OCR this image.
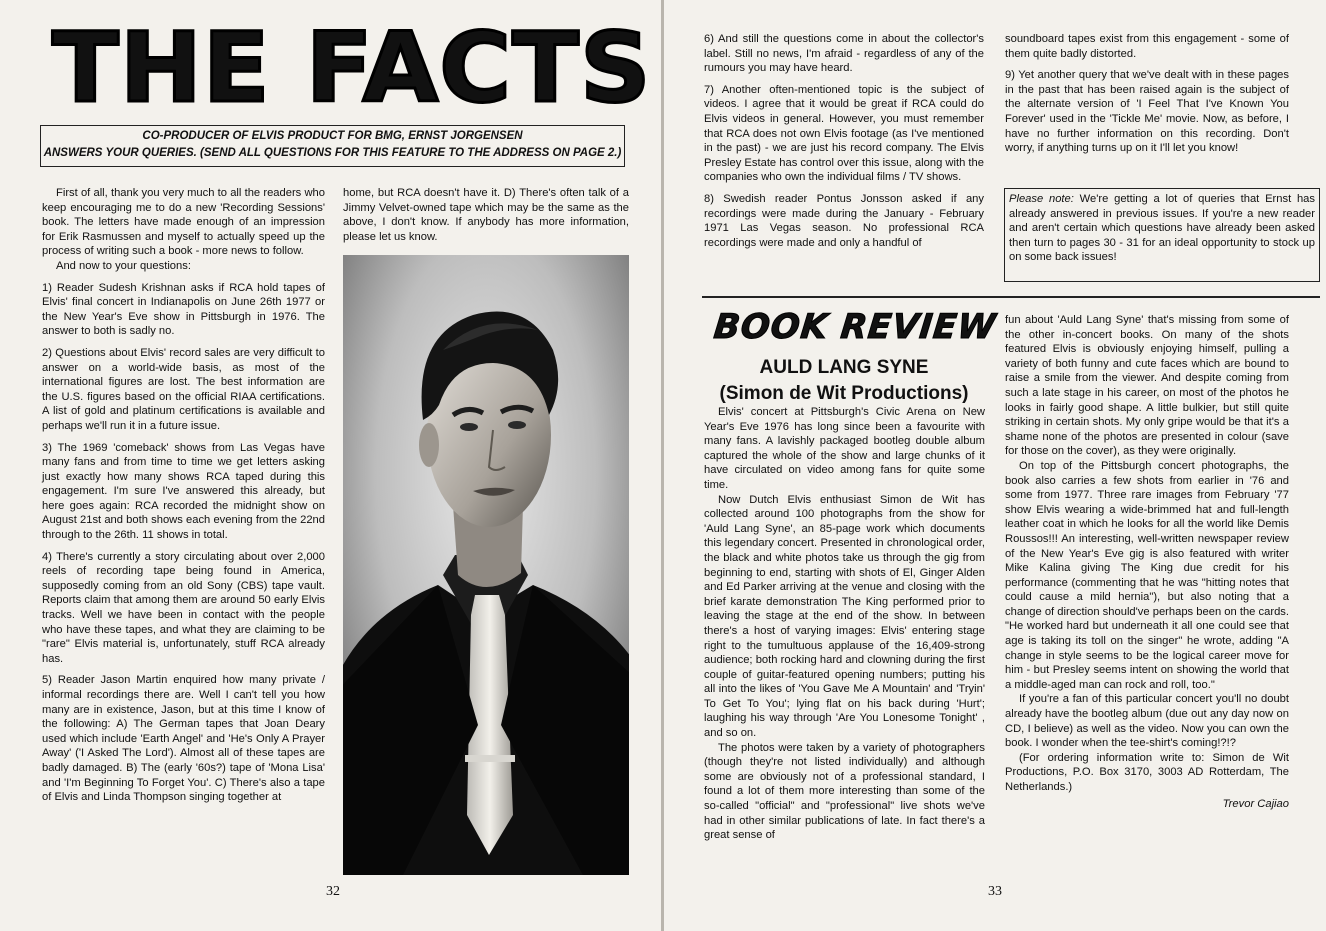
THE FACTS
CO-PRODUCER OF ELVIS PRODUCT FOR BMG, ERNST JORGENSEN
ANSWERS YOUR QUERIES. (SEND ALL QUESTIONS FOR THIS FEATURE TO THE ADDRESS ON PAGE 2.)

First of all, thank you very much to all the readers who keep encouraging me to do a new 'Recording Sessions' book. The letters have made enough of an impression for Erik Rasmussen and myself to actually speed up the process of writing such a book - more news to follow.

And now to your questions:

1) Reader Sudesh Krishnan asks if RCA hold tapes of Elvis' final concert in Indianapolis on June 26th 1977 or the New Year's Eve show in Pittsburgh in 1976. The answer to both is sadly no.

2) Questions about Elvis' record sales are very difficult to answer on a world-wide basis, as most of the international figures are lost. The best information are the U.S. figures based on the official RIAA certifications. A list of gold and platinum certifications is available and perhaps we'll run it in a future issue.

3) The 1969 'comeback' shows from Las Vegas have many fans and from time to time we get letters asking just exactly how many shows RCA taped during this engagement. I'm sure I've answered this already, but here goes again: RCA recorded the midnight show on August 21st and both shows each evening from the 22nd through to the 26th. 11 shows in total.

4) There's currently a story circulating about over 2,000 reels of recording tape being found in America, supposedly coming from an old Sony (CBS) tape vault. Reports claim that among them are around 50 early Elvis tracks. Well we have been in contact with the people who have these tapes, and what they are claiming to be "rare" Elvis material is, unfortunately, stuff RCA already has.

5) Reader Jason Martin enquired how many private / informal recordings there are. Well I can't tell you how many are in existence, Jason, but at this time I know of the following: A) The German tapes that Joan Deary used which include 'Earth Angel' and 'He's Only A Prayer Away' ('I Asked The Lord'). Almost all of these tapes are badly damaged. B) The (early '60s?) tape of 'Mona Lisa' and 'I'm Beginning To Forget You'. C) There's also a tape of Elvis and Linda Thompson singing together at

home, but RCA doesn't have it. D) There's often talk of a Jimmy Velvet-owned tape which may be the same as the above, I don't know. If anybody has more information, please let us know.

32

6) And still the questions come in about the collector's label. Still no news, I'm afraid - regardless of any of the rumours you may have heard.

7) Another often-mentioned topic is the subject of videos. I agree that it would be great if RCA could do Elvis videos in general. However, you must remember that RCA does not own Elvis footage (as I've mentioned in the past) - we are just his record company. The Elvis Presley Estate has control over this issue, along with the companies who own the individual films / TV shows.

8) Swedish reader Pontus Jonsson asked if any recordings were made during the January - February 1971 Las Vegas season. No professional RCA recordings were made and only a handful of

soundboard tapes exist from this engagement - some of them quite badly distorted.

9) Yet another query that we've dealt with in these pages in the past that has been raised again is the subject of the alternate version of 'I Feel That I've Known You Forever' used in the 'Tickle Me' movie. Now, as before, I have no further information on this recording. Don't worry, if anything turns up on it I'll let you know!

Please note: We're getting a lot of queries that Ernst has already answered in previous issues. If you're a new reader and aren't certain which questions have already been asked then turn to pages 30 - 31 for an ideal opportunity to stock up on some back issues!
BOOK REVIEW
AULD LANG SYNE
(Simon de Wit Productions)

Elvis' concert at Pittsburgh's Civic Arena on New Year's Eve 1976 has long since been a favourite with many fans. A lavishly packaged bootleg double album captured the whole of the show and large chunks of it have circulated on video among fans for quite some time.

Now Dutch Elvis enthusiast Simon de Wit has collected around 100 photographs from the show for 'Auld Lang Syne', an 85-page work which documents this legendary concert. Presented in chronological order, the black and white photos take us through the gig from beginning to end, starting with shots of El, Ginger Alden and Ed Parker arriving at the venue and closing with the brief karate demonstration The King performed prior to leaving the stage at the end of the show. In between there's a host of varying images: Elvis' entering stage right to the tumultuous applause of the 16,409-strong audience; both rocking hard and clowning during the first couple of guitar-featured opening numbers; putting his all into the likes of 'You Gave Me A Mountain' and 'Tryin' To Get To You'; lying flat on his back during 'Hurt'; laughing his way through 'Are You Lonesome Tonight' , and so on.

The photos were taken by a variety of photographers (though they're not listed individually) and although some are obviously not of a professional standard, I found a lot of them more interesting than some of the so-called "official" and "professional" live shots we've had in other similar publications of late. In fact there's a great sense of

fun about 'Auld Lang Syne' that's missing from some of the other in-concert books. On many of the shots featured Elvis is obviously enjoying himself, pulling a variety of both funny and cute faces which are bound to raise a smile from the viewer. And despite coming from such a late stage in his career, on most of the photos he looks in fairly good shape. A little bulkier, but still quite striking in certain shots. My only gripe would be that it's a shame none of the photos are presented in colour (save for those on the cover), as they were originally.

On top of the Pittsburgh concert photographs, the book also carries a few shots from earlier in '76 and some from 1977. Three rare images from February '77 show Elvis wearing a wide-brimmed hat and full-length leather coat in which he looks for all the world like Demis Roussos!!! An interesting, well-written newspaper review of the New Year's Eve gig is also featured with writer Mike Kalina giving The King due credit for his performance (commenting that he was "hitting notes that could cause a mild hernia"), but also noting that a change of direction should've perhaps been on the cards. "He worked hard but underneath it all one could see that age is taking its toll on the singer" he wrote, adding "A change in style seems to be the logical career move for him - but Presley seems intent on showing the world that a middle-aged man can rock and roll, too."

If you're a fan of this particular concert you'll no doubt already have the bootleg album (due out any day now on CD, I believe) as well as the video. Now you can own the book. I wonder when the tee-shirt's coming!?!?

(For ordering information write to: Simon de Wit Productions, P.O. Box 3170, 3003 AD Rotterdam, The Netherlands.)

Trevor Cajiao
33
